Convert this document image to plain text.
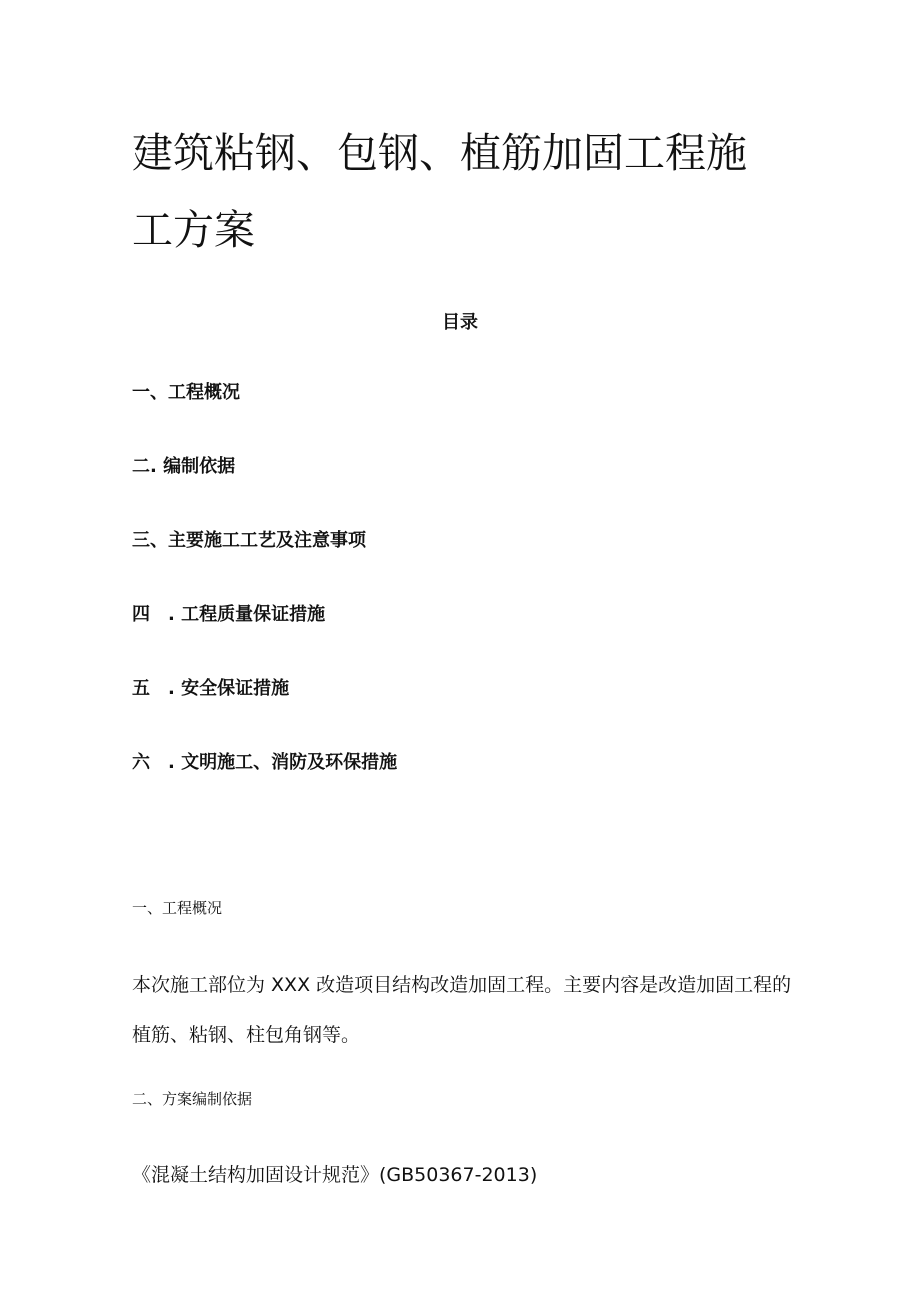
建筑粘钢、包钢、植筋加固工程施
工方案
目录
一、工程概况
二. 编制依据
三、主要施工工艺及注意事项
四　. 工程质量保证措施
五　. 安全保证措施
六　. 文明施工、消防及环保措施
一、工程概况

本次施工部位为 XXX 改造项目结构改造加固工程。主要内容是改造加固工程的植筋、粘钢、柱包角钢等。

二、方案编制依据

《混凝土结构加固设计规范》(GB50367-2013)
